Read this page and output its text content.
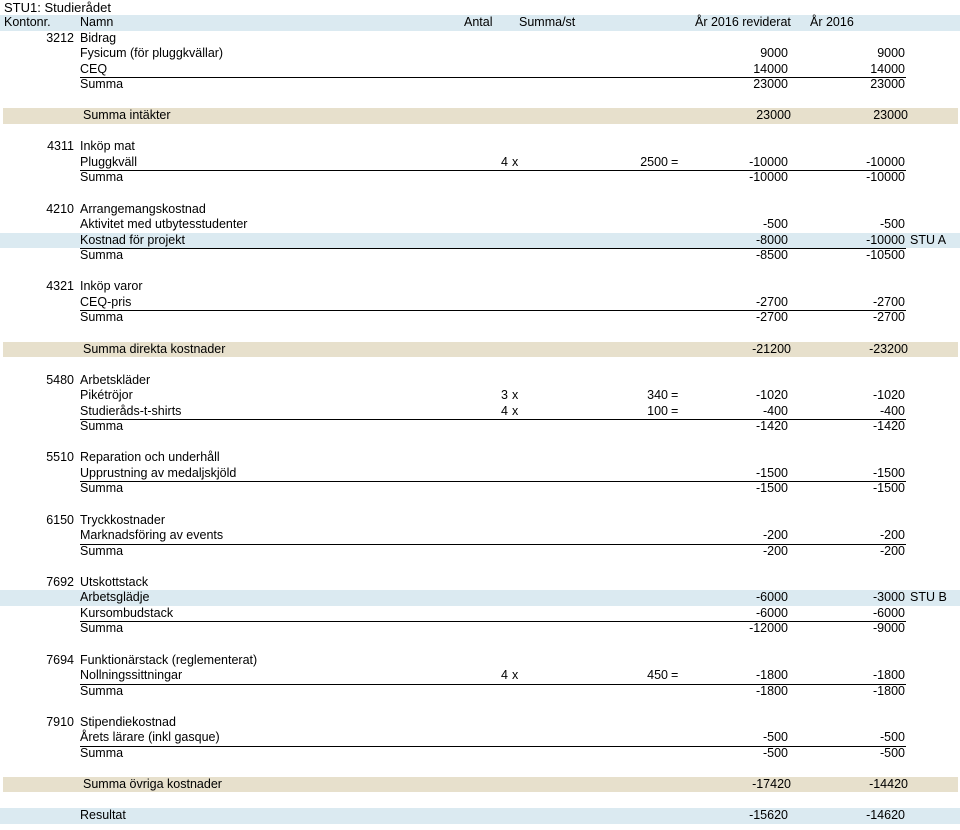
STU1: Studierådet
Kontonr. Namn	Antal Summa/st	År 2016 reviderat År 2016
3212 Bidrag
Fysicum (för pluggkvällar)	9000	9000
CEQ	14000	14000
Summa	23000	23000
Summa intäkter	23000	23000
4311 Inköp mat
Pluggkväll	4 x	2500 =	-10000	-10000
Summa	-10000	-10000
4210 Arrangemangskostnad
Aktivitet med utbytesstudenter	-500	-500
Kostnad för projekt	-8000	-10000 STU A
Summa	-8500	-10500
4321 Inköp varor
CEQ-pris	-2700	-2700
Summa	-2700	-2700
Summa direkta kostnader	-21200	-23200
5480 Arbetskläder
Pikétröjor	3 x	340 =	-1020	-1020
Studieråds-t-shirts	4 x	100 =	-400	-400
Summa	-1420	-1420
5510 Reparation och underhåll
Upprustning av medaljskjöld	-1500	-1500
Summa	-1500	-1500
6150 Tryckkostnader
Marknadsföring av events	-200	-200
Summa	-200	-200
7692 Utskottstack
Arbetsglädje	-6000	-3000 STU B
Kursombudstack	-6000	-6000
Summa	-12000	-9000
7694 Funktionärstack (reglementerat)
Nollningssittningar	4 x	450 =	-1800	-1800
Summa	-1800	-1800
7910 Stipendiekostnad
Årets lärare (inkl gasque)	-500	-500
Summa	-500	-500
Summa övriga kostnader	-17420	-14420
Resultat	-15620	-14620
